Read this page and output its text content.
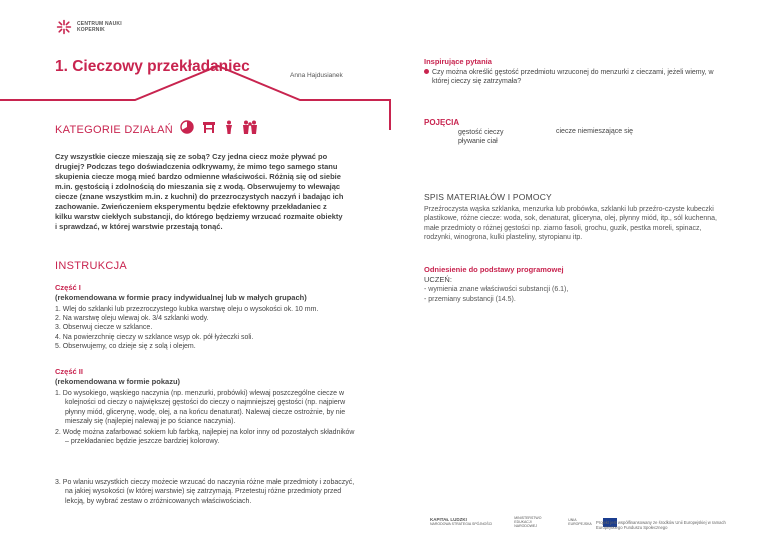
CENTRUM NAUKI
KOPERNIK
1. Cieczowy przekładaniec
Anna Hajdusianek
KATEGORIE DZIAŁAŃ
Czy wszystkie ciecze mieszają się ze sobą? Czy jedna ciecz może pływać po drugiej? Podczas tego doświadczenia odkrywamy, że mimo tego samego stanu skupienia ciecze mogą mieć bardzo odmienne właściwości. Różnią się od siebie m.in. gęstością i zdolnością do mieszania się z wodą. Obserwujemy to wlewając ciecze (znane wszystkim m.in. z kuchni) do przezroczystych naczyń i badając ich zachowanie. Zwieńczeniem eksperymentu będzie efektowny przekładaniec z kilku warstw ciekłych substancji, do którego będziemy wrzucać rozmaite obiekty i sprawdzać, w której warstwie przestają tonąć.
INSTRUKCJA
Część I
(rekomendowana w formie pracy indywidualnej lub w małych grupach)
1. Wlej do szklanki lub przezroczystego kubka warstwę oleju o wysokości ok. 10 mm.
2. Na warstwę oleju wlewaj ok. 3/4 szklanki wody.
3. Obserwuj ciecze w szklance.
4. Na powierzchnię cieczy w szklance wsyp ok. pół łyżeczki soli.
5. Obserwujemy, co dzieje się z solą i olejem.
Część II
(rekomendowana w formie pokazu)
1. Do wysokiego, wąskiego naczynia (np. menzurki, probówki) wlewaj poszczególne ciecze w kolejności od cieczy o największej gęstości do cieczy o najmniejszej gęstości (np. najpierw płynny miód, glicerynę, wodę, olej, a na końcu denaturat). Nalewaj ciecze ostrożnie, by nie mieszały się (najlepiej nalewaj je po ściance naczynia).
2. Wodę można zafarbować sokiem lub farbką, najlepiej na kolor inny od pozostałych składników – przekładaniec będzie jeszcze bardziej kolorowy.
3. Po wlaniu wszystkich cieczy możecie wrzucać do naczynia różne małe przedmioty i zobaczyć, na jakiej wysokości (w której warstwie) się zatrzymają. Przetestuj różne przedmioty przed lekcją, by wybrać zestaw o zróżnicowanych właściwościach.
Inspirujące pytania
Czy można określić gęstość przedmiotu wrzuconej do menzurki z cieczami, jeżeli wiemy, w której cieczy się zatrzymała?
POJĘCIA
gęstość cieczy
pływanie ciał
ciecze niemieszające się
SPIS MATERIAŁÓW I POMOCY
Przeźroczysta wąska szklanka, menzurka lub probówka, szklanki lub przeźro-czyste kubeczki plastikowe, różne ciecze: woda, sok, denaturat, gliceryna, olej, płynny miód, itp., sól kuchenna, małe przedmioty o różnej gęstości np. ziarno fasoli, grochu, guzik, pestka moreli, spinacz, rodzynki, winogrona, kulki plasteliny, styropianu itp.
Odniesienie do podstawy programowej
UCZEŃ:
- wymienia znane właściwości substancji (6.1),
- przemiany substancji (14.5).
KAPITAŁ LUDZKI
NARODOWA STRATEGIA SPÓJNOŚCI
MINISTERSTWO EDUKACJI NARODOWEJ
UNIA EUROPEJSKA	Projekt jest współfinansowany ze środków Unii Europejskiej w ramach Europejskiego Funduszu Społecznego
